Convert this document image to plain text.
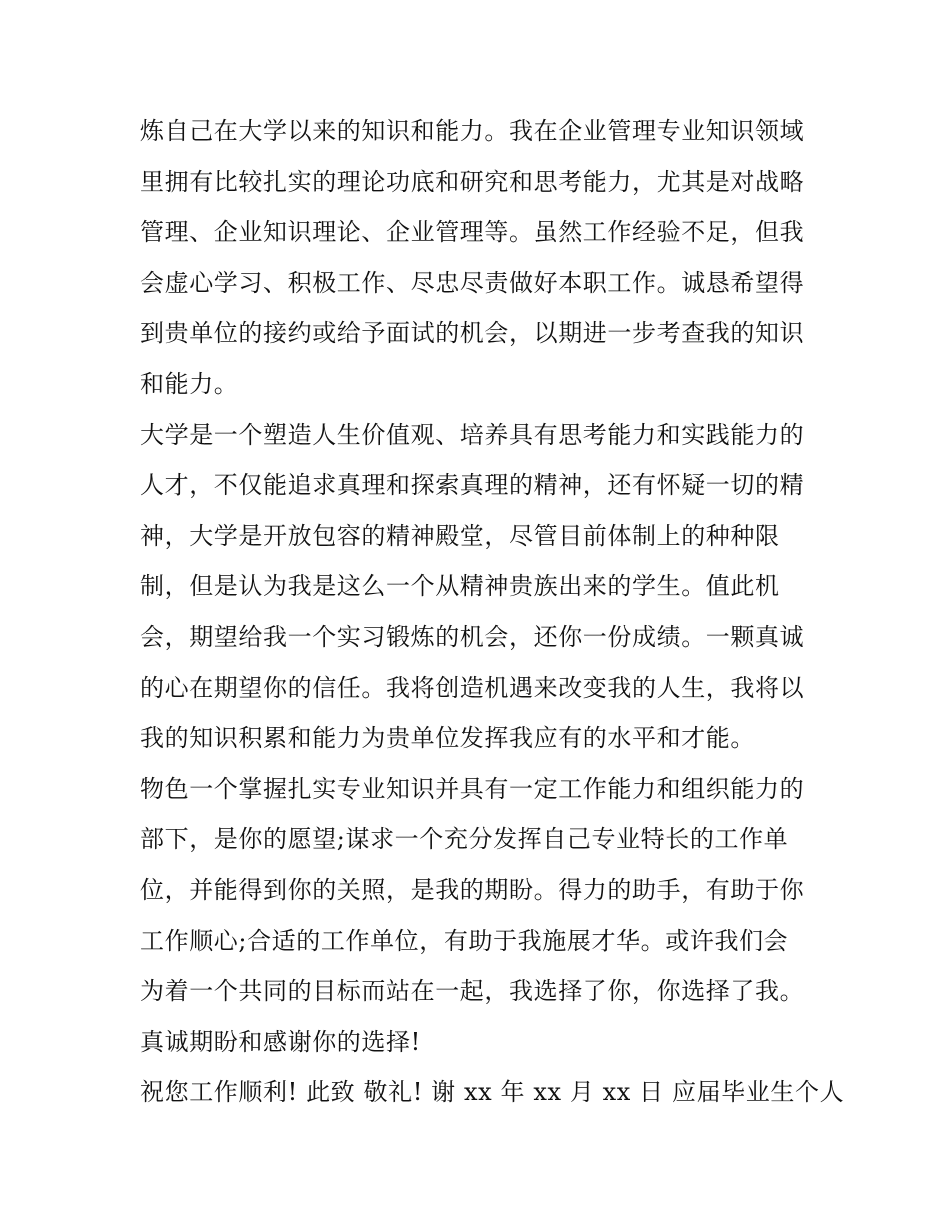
炼自己在大学以来的知识和能力。我在企业管理专业知识领域
里拥有比较扎实的理论功底和研究和思考能力，尤其是对战略
管理、企业知识理论、企业管理等。虽然工作经验不足，但我
会虚心学习、积极工作、尽忠尽责做好本职工作。诚恳希望得
到贵单位的接约或给予面试的机会，以期进一步考查我的知识
和能力。
大学是一个塑造人生价值观、培养具有思考能力和实践能力的
人才，不仅能追求真理和探索真理的精神，还有怀疑一切的精
神，大学是开放包容的精神殿堂，尽管目前体制上的种种限
制，但是认为我是这么一个从精神贵族出来的学生。值此机
会，期望给我一个实习锻炼的机会，还你一份成绩。一颗真诚
的心在期望你的信任。我将创造机遇来改变我的人生，我将以
我的知识积累和能力为贵单位发挥我应有的水平和才能。
物色一个掌握扎实专业知识并具有一定工作能力和组织能力的
部下，是你的愿望;谋求一个充分发挥自己专业特长的工作单
位，并能得到你的关照，是我的期盼。得力的助手，有助于你
工作顺心;合适的工作单位，有助于我施展才华。或许我们会
为着一个共同的目标而站在一起，我选择了你，你选择了我。
真诚期盼和感谢你的选择!
祝您工作顺利! 此致 敬礼! 谢 xx 年 xx 月 xx 日 应届毕业生个人
